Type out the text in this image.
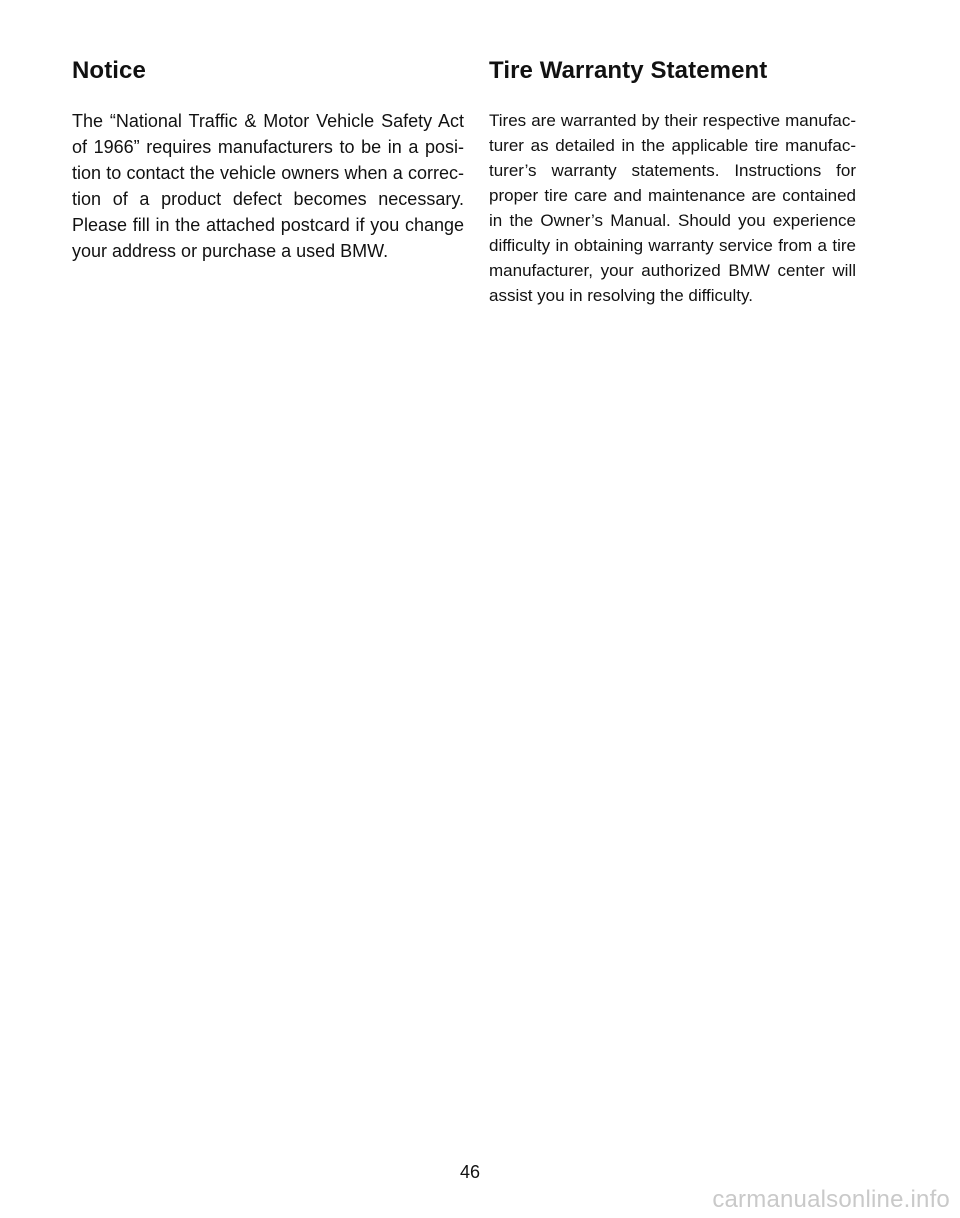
Notice

The “National Traffic & Motor Vehicle Safety Act of 1966” requires manufacturers to be in a posi-tion to contact the vehicle owners when a correc-tion of a product defect becomes necessary. Please fill in the attached postcard if you change your address or purchase a used BMW.

Tire Warranty Statement

Tires are warranted by their respective manufac-turer as detailed in the applicable tire manufac-turer’s warranty statements. Instructions for proper tire care and maintenance are contained in the Owner’s Manual. Should you experience difficulty in obtaining warranty service from a tire manufacturer, your authorized BMW center will assist you in resolving the difficulty.

46
carmanualsonline.info
